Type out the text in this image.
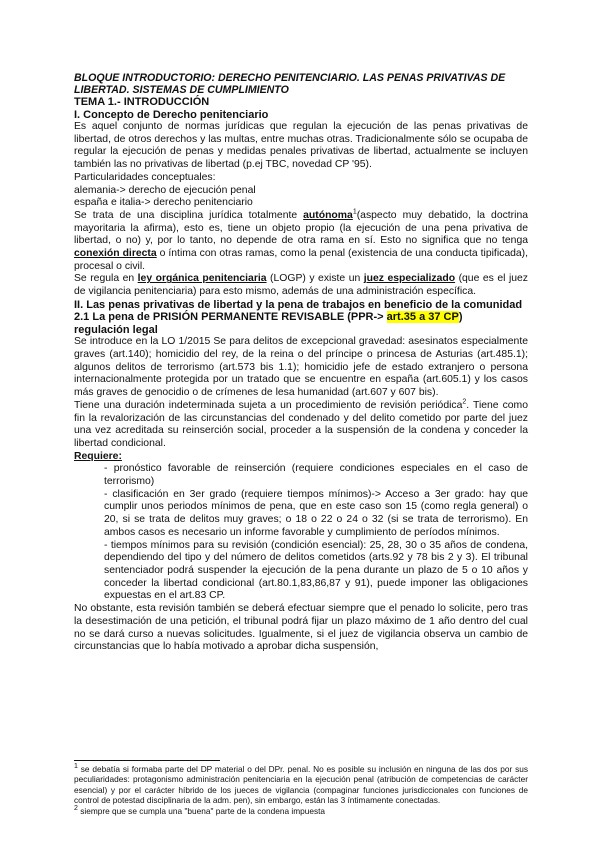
BLOQUE INTRODUCTORIO: DERECHO PENITENCIARIO. LAS PENAS PRIVATIVAS DE LIBERTAD. SISTEMAS DE CUMPLIMIENTO

TEMA 1.- INTRODUCCIÓN

I. Concepto de Derecho penitenciario

Es aquel conjunto de normas jurídicas que regulan la ejecución de las penas privativas de libertad, de otros derechos y las multas, entre muchas otras. Tradicionalmente sólo se ocupaba de regular la ejecución de penas y medidas penales privativas de libertad, actualmente se incluyen también las no privativas de libertad (p.ej TBC, novedad CP '95).

Particularidades conceptuales:

alemania-> derecho de ejecución penal

españa e italia-> derecho penitenciario

Se trata de una disciplina jurídica totalmente autónoma$^1$(aspecto muy debatido, la doctrina mayoritaria la afirma), esto es, tiene un objeto propio (la ejecución de una pena privativa de libertad, o no) y, por lo tanto, no depende de otra rama en sí. Esto no significa que no tenga conexión directa o íntima con otras ramas, como la penal (existencia de una conducta tipificada), procesal o civil.

Se regula en ley orgánica penitenciaria (LOGP) y existe un juez especializado (que es el juez de vigilancia penitenciaria) para esto mismo, además de una administración específica.

II. Las penas privativas de libertad y la pena de trabajos en beneficio de la comunidad

2.1 La pena de PRISIÓN PERMANENTE REVISABLE (PPR-> art.35 a 37 CP)

regulación legal

Se introduce en la LO 1/2015 Se para delitos de excepcional gravedad: asesinatos especialmente graves (art.140); homicidio del rey, de la reina o del príncipe o princesa de Asturias (art.485.1); algunos delitos de terrorismo (art.573 bis 1.1); homicidio jefe de estado extranjero o persona internacionalmente protegida por un tratado que se encuentre en españa (art.605.1) y los casos más graves de genocidio o de crímenes de lesa humanidad (art.607 y 607 bis).

Tiene una duración indeterminada sujeta a un procedimiento de revisión periódica$^2$. Tiene como fin la revalorización de las circunstancias del condenado y del delito cometido por parte del juez una vez acreditada su reinserción social, proceder a la suspensión de la condena y conceder la libertad condicional.

Requiere:

- pronóstico favorable de reinserción (requiere condiciones especiales en el caso de terrorismo)

- clasificación en 3er grado (requiere tiempos mínimos)-> Acceso a 3er grado: hay que cumplir unos periodos mínimos de pena, que en este caso son 15 (como regla general) o 20, si se trata de delitos muy graves; o 18 o 22 o 24 o 32 (si se trata de terrorismo). En ambos casos es necesario un informe favorable y cumplimiento de períodos mínimos.

- tiempos mínimos para su revisión (condición esencial): 25, 28, 30 o 35 años de condena, dependiendo del tipo y del número de delitos cometidos (arts.92 y 78 bis 2 y 3). El tribunal sentenciador podrá suspender la ejecución de la pena durante un plazo de 5 o 10 años y conceder la libertad condicional (art.80.1,83,86,87 y 91), puede imponer las obligaciones expuestas en el art.83 CP.

No obstante, esta revisión también se deberá efectuar siempre que el penado lo solicite, pero tras la desestimación de una petición, el tribunal podrá fijar un plazo máximo de 1 año dentro del cual no se dará curso a nuevas solicitudes. Igualmente, si el juez de vigilancia observa un cambio de circunstancias que lo había motivado a aprobar dicha suspensión,

$^1$ se debatía si formaba parte del DP material o del DPr. penal. No es posible su inclusión en ninguna de las dos por sus peculiaridades: protagonismo administración penitenciaria en la ejecución penal (atribución de competencias de carácter esencial) y por el carácter híbrido de los jueces de vigilancia (compaginar funciones jurisdiccionales con funciones de control de potestad disciplinaria de la adm. pen), sin embargo, están las 3 íntimamente conectadas.

$^2$ siempre que se cumpla una "buena" parte de la condena impuesta
